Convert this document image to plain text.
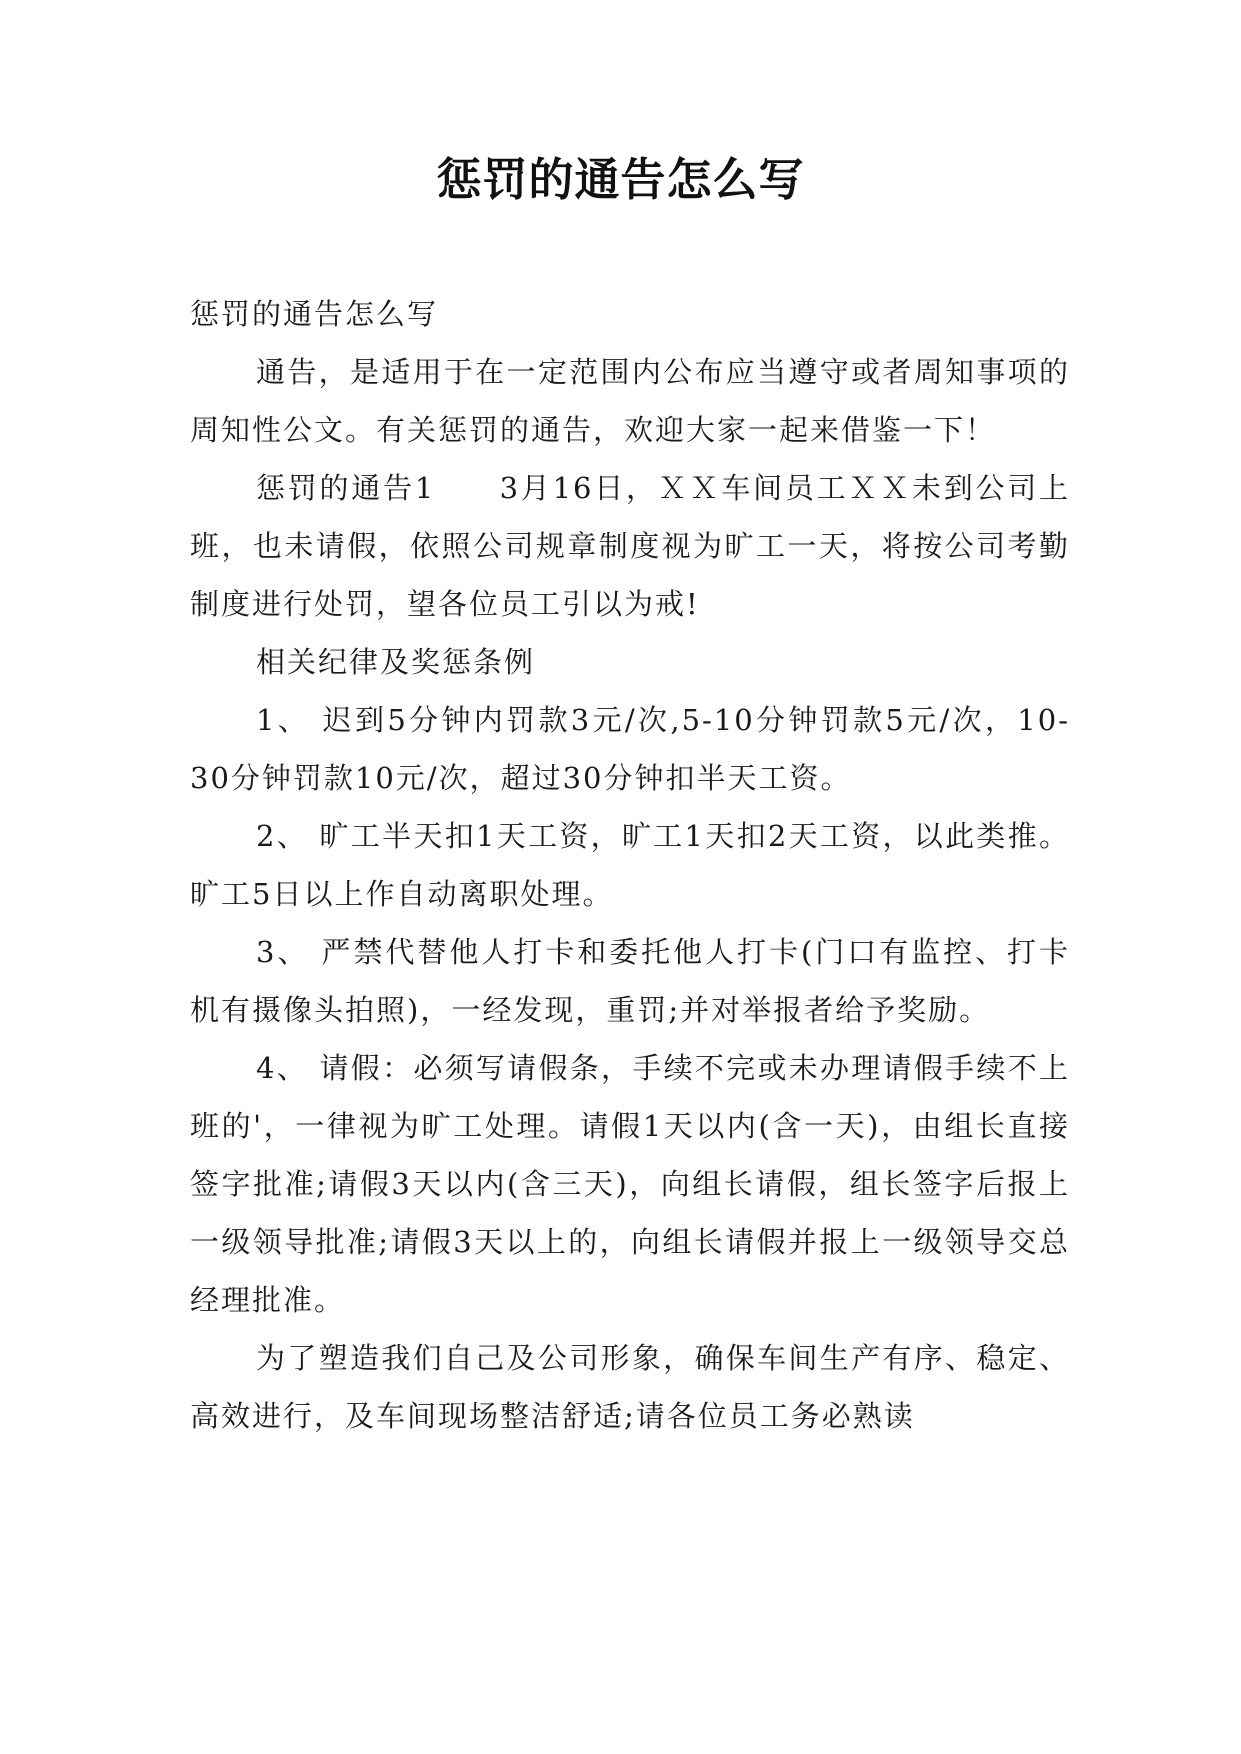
惩罚的通告怎么写

惩罚的通告怎么写

通告，是适用于在一定范围内公布应当遵守或者周知事项的周知性公文。有关惩罚的通告，欢迎大家一起来借鉴一下！

惩罚的通告1　　3月16日，ＸＸ车间员工ＸＸ未到公司上班，也未请假，依照公司规章制度视为旷工一天，将按公司考勤制度进行处罚，望各位员工引以为戒!

相关纪律及奖惩条例

1、 迟到5分钟内罚款3元/次,5-10分钟罚款5元/次，10-30分钟罚款10元/次，超过30分钟扣半天工资。

2、 旷工半天扣1天工资，旷工1天扣2天工资，以此类推。旷工5日以上作自动离职处理。

3、 严禁代替他人打卡和委托他人打卡(门口有监控、打卡机有摄像头拍照)，一经发现，重罚;并对举报者给予奖励。

4、 请假：必须写请假条，手续不完或未办理请假手续不上班的'，一律视为旷工处理。请假1天以内(含一天)，由组长直接签字批准;请假3天以内(含三天)，向组长请假，组长签字后报上一级领导批准;请假3天以上的，向组长请假并报上一级领导交总经理批准。

为了塑造我们自己及公司形象，确保车间生产有序、稳定、高效进行，及车间现场整洁舒适;请各位员工务必熟读
